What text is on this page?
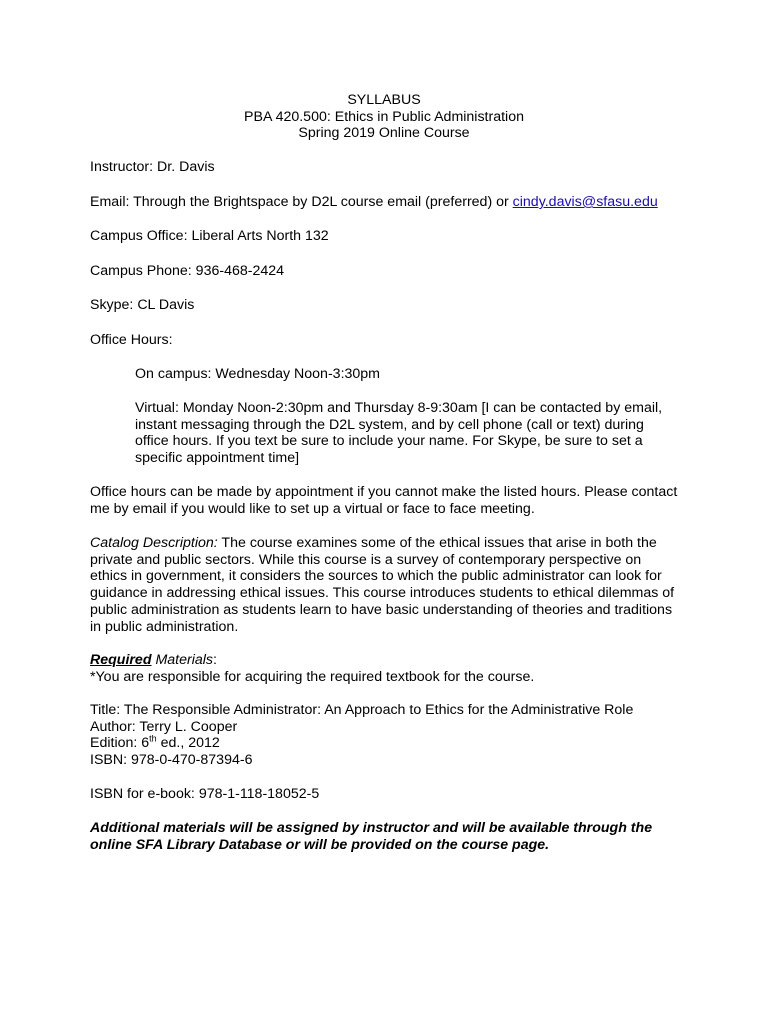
SYLLABUS
PBA 420.500: Ethics in Public Administration
Spring 2019 Online Course

Instructor: Dr. Davis

Email: Through the Brightspace by D2L course email (preferred) or cindy.davis@sfasu.edu

Campus Office: Liberal Arts North 132

Campus Phone: 936-468-2424

Skype: CL Davis

Office Hours:

On campus: Wednesday Noon-3:30pm

Virtual: Monday Noon-2:30pm and Thursday 8-9:30am [I can be contacted by email, instant messaging through the D2L system, and by cell phone (call or text) during office hours. If you text be sure to include your name. For Skype, be sure to set a specific appointment time]

Office hours can be made by appointment if you cannot make the listed hours. Please contact me by email if you would like to set up a virtual or face to face meeting.

Catalog Description: The course examines some of the ethical issues that arise in both the private and public sectors. While this course is a survey of contemporary perspective on ethics in government, it considers the sources to which the public administrator can look for guidance in addressing ethical issues. This course introduces students to ethical dilemmas of public administration as students learn to have basic understanding of theories and traditions in public administration.

Required Materials:

*You are responsible for acquiring the required textbook for the course.

Title: The Responsible Administrator: An Approach to Ethics for the Administrative Role

Author: Terry L. Cooper

Edition: 6th ed., 2012

ISBN: 978-0-470-87394-6

ISBN for e-book: 978-1-118-18052-5

Additional materials will be assigned by instructor and will be available through the online SFA Library Database or will be provided on the course page.
